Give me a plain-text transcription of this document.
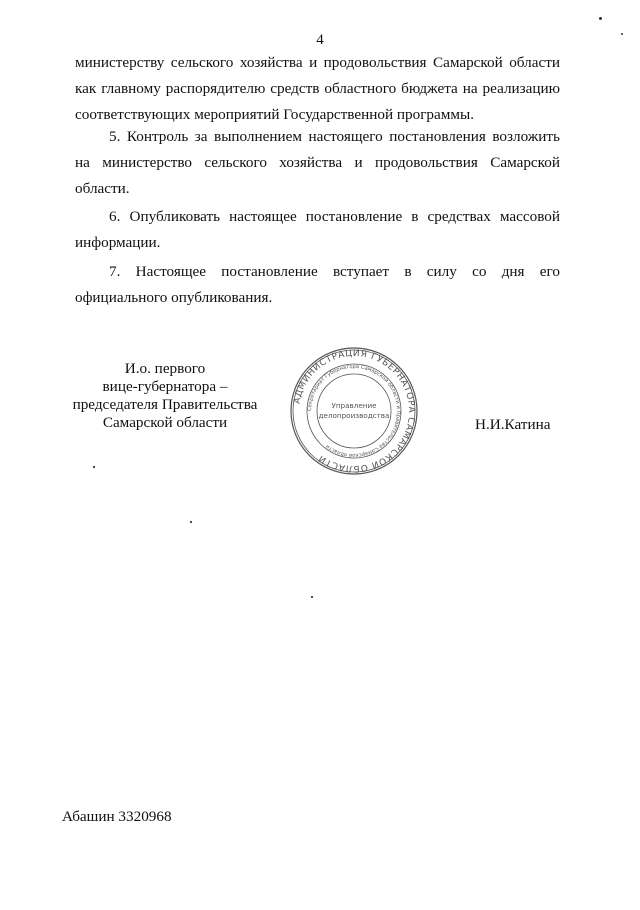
4
министерству сельского хозяйства и продовольствия Самарской области
как главному распорядителю средств областного бюджета на реализацию
соответствующих мероприятий Государственной программы.
5. Контроль за выполнением настоящего постановления возложить
на министерство сельского хозяйства и продовольствия Самарской
области.
6. Опубликовать настоящее постановление в средствах массовой
информации.
7. Настоящее постановление вступает в силу со дня его
официального опубликования.
И.о. первого
вице-губернатора –
председателя Правительства
Самарской области
АДМИНИСТРАЦИЯ ГУБЕРНАТОРА САМАРСКОЙ ОБЛАСТИ
Секретариат Губернатора Самарской области и Правительства Самарской области
Управление
делопроизводства
Н.И.Катина
Абашин 3320968
